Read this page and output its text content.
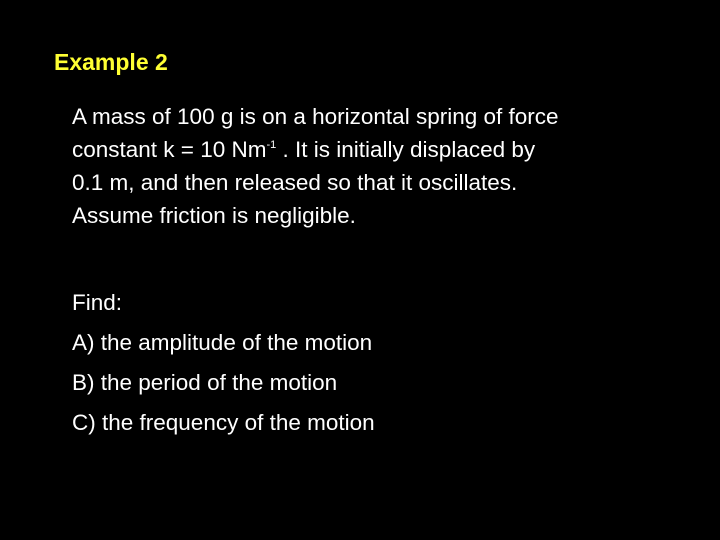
Example 2

A mass of 100 g is on a horizontal spring of force
constant k = 10 $Nm^{-1}$ . It is initially displaced by
0.1 m, and then released so that it oscillates.
Assume friction is negligible.

Find:
A) the amplitude of the motion
B) the period of the motion
C) the frequency of the motion
